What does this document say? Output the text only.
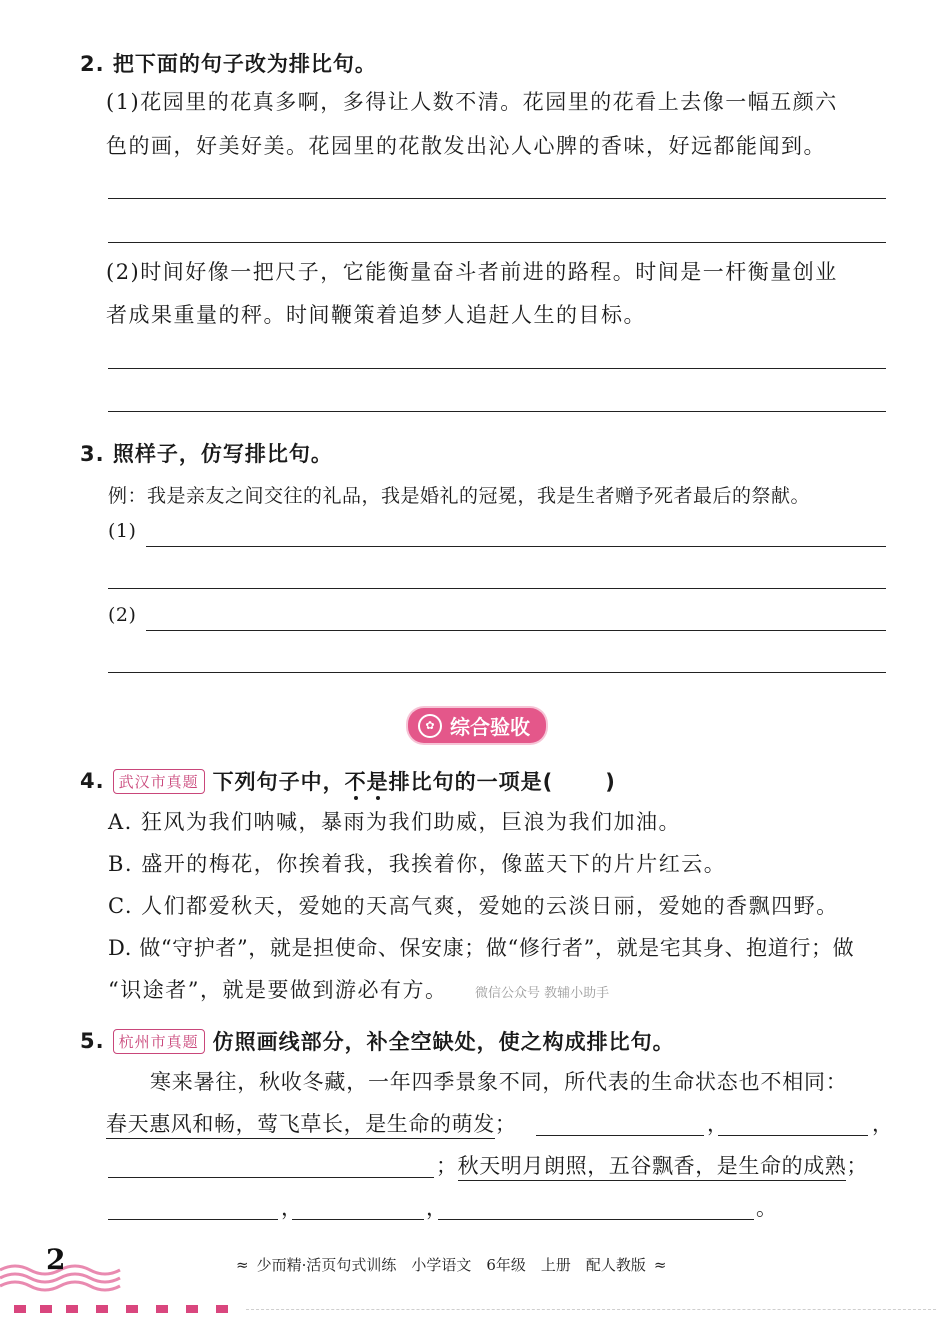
2. 把下面的句子改为排比句。
(1)花园里的花真多啊，多得让人数不清。花园里的花看上去像一幅五颜六
色的画，好美好美。花园里的花散发出沁人心脾的香味，好远都能闻到。
(2)时间好像一把尺子，它能衡量奋斗者前进的路程。时间是一杆衡量创业
者成果重量的秤。时间鞭策着追梦人追赶人生的目标。
3. 照样子，仿写排比句。
例：我是亲友之间交往的礼品，我是婚礼的冠冕，我是生者赠予死者最后的祭献。
(1)
(2)
✿ 综合验收
4. 武汉市真题 下列句子中，不是排比句的一项是( )
A. 狂风为我们呐喊，暴雨为我们助威，巨浪为我们加油。
B. 盛开的梅花，你挨着我，我挨着你，像蓝天下的片片红云。
C. 人们都爱秋天，爱她的天高气爽，爱她的云淡日丽，爱她的香飘四野。
D. 做“守护者”，就是担使命、保安康；做“修行者”，就是宅其身、抱道行；做
“识途者”，就是要做到游必有方。 微信公众号 教辅小助手
5. 杭州市真题 仿照画线部分，补全空缺处，使之构成排比句。
寒来暑往，秋收冬藏，一年四季景象不同，所代表的生命状态也不相同：
春天惠风和畅，莺飞草长，是生命的萌发；	，	，
；秋天明月朗照，五谷飘香，是生命的成熟；
，	，	。
2	≈ 少而精·活页句式训练　小学语文　6年级　上册　配人教版 ≈
